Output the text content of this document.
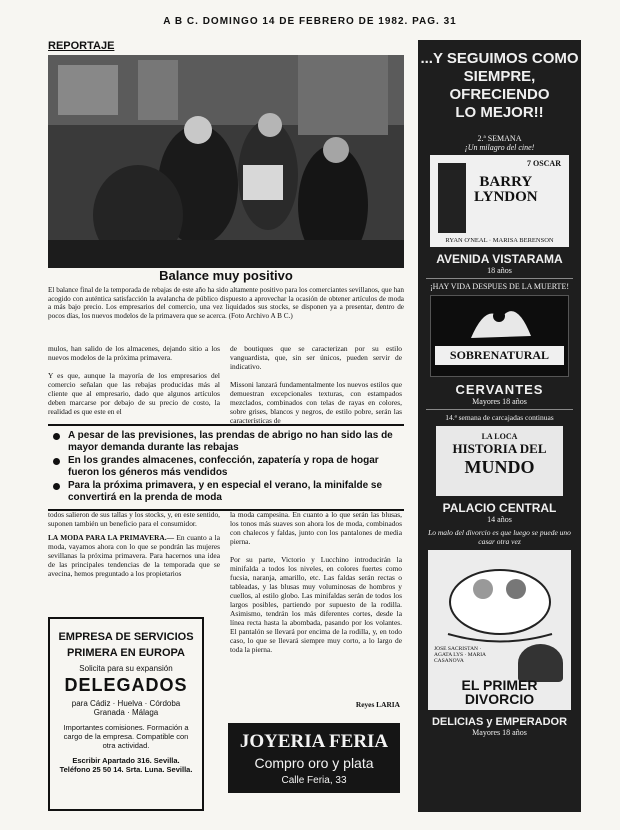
A B C. DOMINGO 14 DE FEBRERO DE 1982. PAG. 31
REPORTAJE
Balance muy positivo
El balance final de la temporada de rebajas de este año ha sido altamente positivo para los comerciantes sevillanos, que han acogido con auténtica satisfacción la avalancha de público dispuesto a aprovechar la ocasión de obtener artículos de moda a más bajo precio. Los empresarios del comercio, una vez liquidados sus stocks, se disponen ya a presentar, dentro de pocos días, los nuevos modelos de la primavera que se acerca. (Foto Archivo A B C.)
mulos, han salido de los almacenes, dejando sitio a los nuevos modelos de la próxima primavera.

Y es que, aunque la mayoría de los empresarios del comercio señalan que las rebajas producidas más al cliente que al empresario, dado que algunos artículos deben marcarse por debajo de su precio de costo, la realidad es que este en el
de boutiques que se caracterizan por su estilo vanguardista, que, sin ser únicos, pueden servir de indicativo.

Missoni lanzará fundamentalmente los nuevos estilos que demuestran excepcionales texturas, con estampados mezclados, combinados con telas de rayas en colores, sobre grises, blancos y negros, de estilo pobre, serán las características de
A pesar de las previsiones, las prendas de abrigo no han sido las de mayor demanda durante las rebajas
En los grandes almacenes, confección, zapatería y ropa de hogar fueron los géneros más vendidos
Para la próxima primavera, y en especial el verano, la minifalde se convertirá en la prenda de moda
todos salieron de sus tallas y los stocks, y, en este sentido, suponen también un beneficio para el consumidor.
LA MODA PARA LA PRIMAVERA.— En cuanto a la moda, vayamos ahora con lo que se pondrán las mujeres sevillanas la próxima primavera. Para hacernos una idea de las principales tendencias de la temporada que se avecina, hemos preguntado a los propietarios
la moda campesina. En cuanto a lo que serán las blusas, los tonos más suaves son ahora los de moda, combinados con chalecos y faldas, junto con los pantalones de media pierna.

Por su parte, Victorio y Lucchino introducirán la minifalda a todos los niveles, en colores fuertes como fucsia, naranja, amarillo, etc. Las faldas serán rectas o tableadas, y las blusas muy voluminosas de hombros y cuellos, al estilo globo. Las minifaldas serán de todos los largos posibles, partiendo por supuesto de la rodilla. Asimismo, tendrán los más diferentes cortes, desde la línea recta hasta la abombada, pasando por los volantes. El pantalón se llevará por encima de la rodilla, y, en todo caso, lo que se llevará siempre muy corto, a lo largo de toda la pierna.
Reyes LARIA
EMPRESA DE SERVICIOS
PRIMERA EN EUROPA
Solicita para su expansión
DELEGADOS
para Cádiz · Huelva · Córdoba
Granada · Málaga
Importantes comisiones. Formación a cargo de la empresa. Compatible con otra actividad.
Escribir Apartado 316. Sevilla. Teléfono 25 50 14. Srta. Luna. Sevilla.
JOYERIA FERIA
Compro oro y plata
Calle Feria, 33
...Y SEGUIMOS COMO
SIEMPRE, OFRECIENDO
LO MEJOR!!
2.ª SEMANA
¡Un milagro del cine!
7 OSCAR
BARRY
LYNDON
RYAN O'NEAL · MARISA BERENSON
AVENIDA VISTARAMA
18 años
¡HAY VIDA DESPUES DE LA MUERTE!
SOBRENATURAL
CERVANTES
Mayores 18 años
14.ª semana de carcajadas continuas
LA LOCA
HISTORIA DEL
MUNDO
PALACIO CENTRAL
14 años
Lo malo del divorcio es que luego se puede uno casar otra vez
JOSE SACRISTAN · AGATA LYS · MARIA CASANOVA
EL PRIMER
DIVORCIO
DELICIAS y EMPERADOR
Mayores 18 años
